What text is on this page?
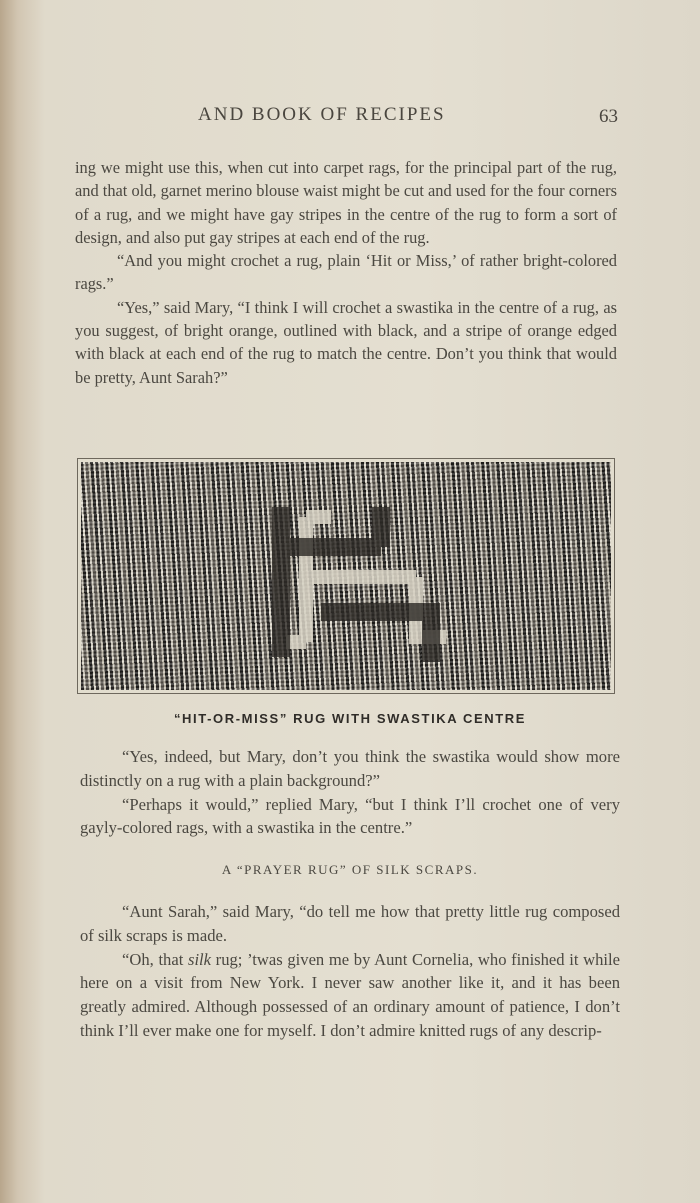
AND BOOK OF RECIPES	63

ing we might use this, when cut into carpet rags, for the principal part of the rug, and that old, garnet merino blouse waist might be cut and used for the four corners of a rug, and we might have gay stripes in the centre of the rug to form a sort of design, and also put gay stripes at each end of the rug.

“And you might crochet a rug, plain ‘Hit or Miss,’ of rather bright-colored rags.”

“Yes,” said Mary, “I think I will crochet a swastika in the centre of a rug, as you suggest, of bright orange, outlined with black, and a stripe of orange edged with black at each end of the rug to match the centre. Don’t you think that would be pretty, Aunt Sarah?”

“HIT-OR-MISS” RUG WITH SWASTIKA CENTRE

“Yes, indeed, but Mary, don’t you think the swastika would show more distinctly on a rug with a plain background?”

“Perhaps it would,” replied Mary, “but I think I’ll crochet one of very gayly-colored rags, with a swastika in the centre.”

A “PRAYER RUG” OF SILK SCRAPS.

“Aunt Sarah,” said Mary, “do tell me how that pretty little rug composed of silk scraps is made.

“Oh, that silk rug; ’twas given me by Aunt Cornelia, who finished it while here on a visit from New York. I never saw another like it, and it has been greatly admired. Although possessed of an ordinary amount of patience, I don’t think I’ll ever make one for myself. I don’t admire knitted rugs of any descrip-
